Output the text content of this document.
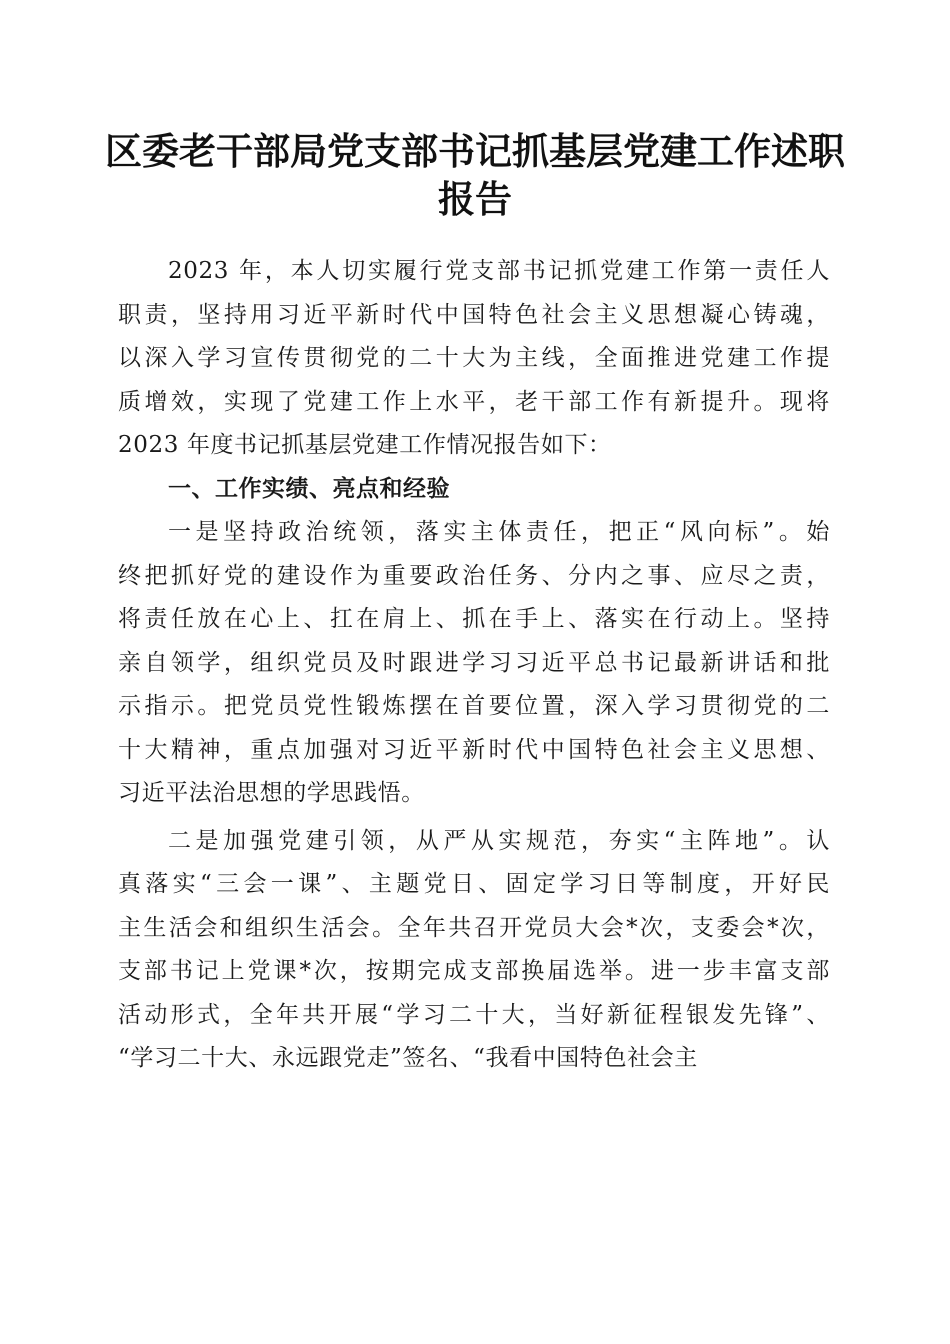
区委老干部局党支部书记抓基层党建工作述职
报告
2023 年，本人切实履行党支部书记抓党建工作第一责任人
职责，坚持用习近平新时代中国特色社会主义思想凝心铸魂，
以深入学习宣传贯彻党的二十大为主线，全面推进党建工作提
质增效，实现了党建工作上水平，老干部工作有新提升。现将
2023 年度书记抓基层党建工作情况报告如下：
一、工作实绩、亮点和经验
一是坚持政治统领，落实主体责任，把正“风向标”。始
终把抓好党的建设作为重要政治任务、分内之事、应尽之责，
将责任放在心上、扛在肩上、抓在手上、落实在行动上。坚持
亲自领学，组织党员及时跟进学习习近平总书记最新讲话和批
示指示。把党员党性锻炼摆在首要位置，深入学习贯彻党的二
十大精神，重点加强对习近平新时代中国特色社会主义思想、
习近平法治思想的学思践悟。
二是加强党建引领，从严从实规范，夯实“主阵地”。认
真落实“三会一课”、主题党日、固定学习日等制度，开好民
主生活会和组织生活会。全年共召开党员大会*次，支委会*次，
支部书记上党课*次，按期完成支部换届选举。进一步丰富支部
活动形式，全年共开展“学习二十大，当好新征程银发先锋”、
“学习二十大、永远跟党走”签名、“我看中国特色社会主
